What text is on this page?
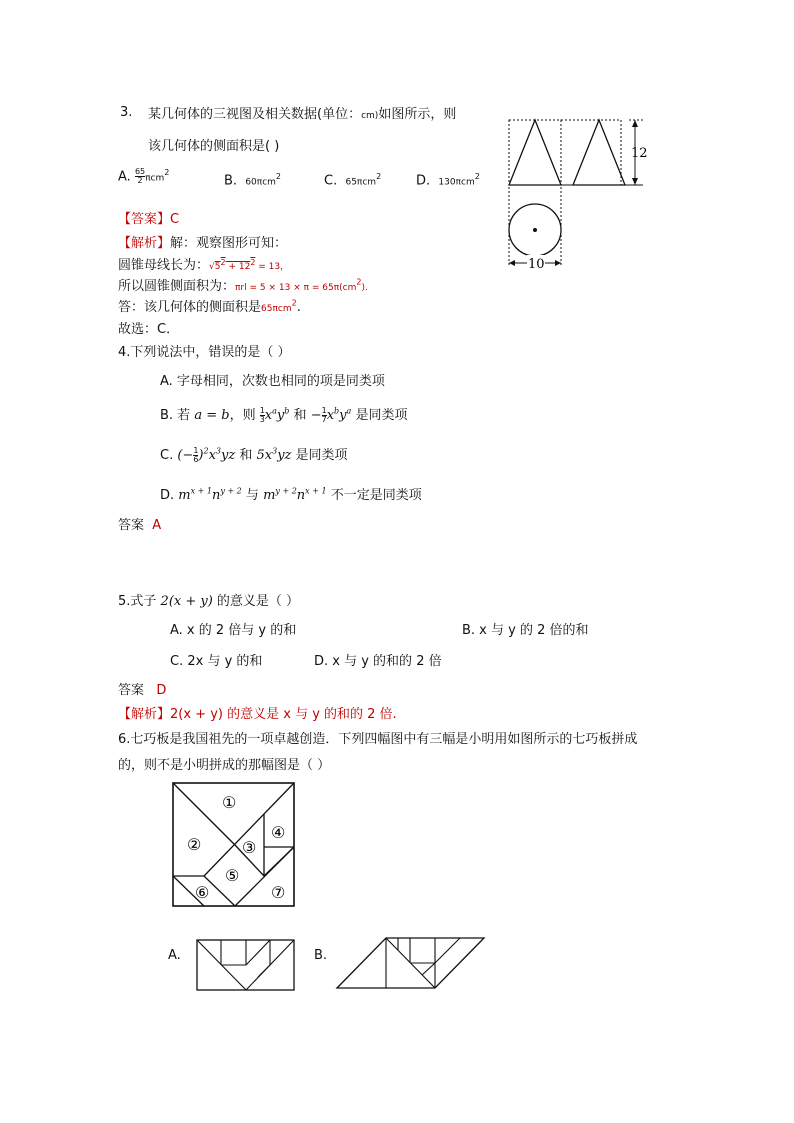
3. 某几何体的三视图及相关数据(单位：cm)如图所示，则
该几何体的侧面积是( )
A. $\frac{65}{2} \pi cm^2$
B. 60πcm$^2$	C. 65πcm$^2$	D. 130πcm$^2$
【答案】C
【解析】解：观察图形可知：
圆锥母线长为：√52 + 122 = 13，
所以圆锥侧面积为：$\pi rl = 5 \times 13 \times \pi = 65\pi(cm^2)$.
答：该几何体的侧面积是65πcm$^2$.
故选：C．
12
10
4.下列说法中，错误的是（ ）
A. 字母相同，次数也相同的项是同类项
B. 若 a = b，则 $\frac{1}{3} x^ay^b$ 和 − $\frac{1}{7} x^by^a$ 是同类项
C. (− $\frac{1}{6} )^2x^3yz$ 和 $5x^3yz$ 是同类项
D. $m^{x + 1}n^{y + 2}$ 与 $m^{y + 2}n^{x + 1}$ 不一定是同类项
答案 A
5.式子 2(x + y) 的意义是（ ）
A. x 的 2 倍与 y 的和	B. x 与 y 的 2 倍的和
C. 2x 与 y 的和	D. x 与 y 的和的 2 倍
答案 D
【解析】2(x + y) 的意义是 x 与 y 的和的 2 倍.
6.七巧板是我国祖先的一项卓越创造．下列四幅图中有三幅是小明用如图所示的七巧板拼成
的，则不是小明拼成的那幅图是（ ）
①
②	③
④
⑤
⑥	⑦
A.	B.
